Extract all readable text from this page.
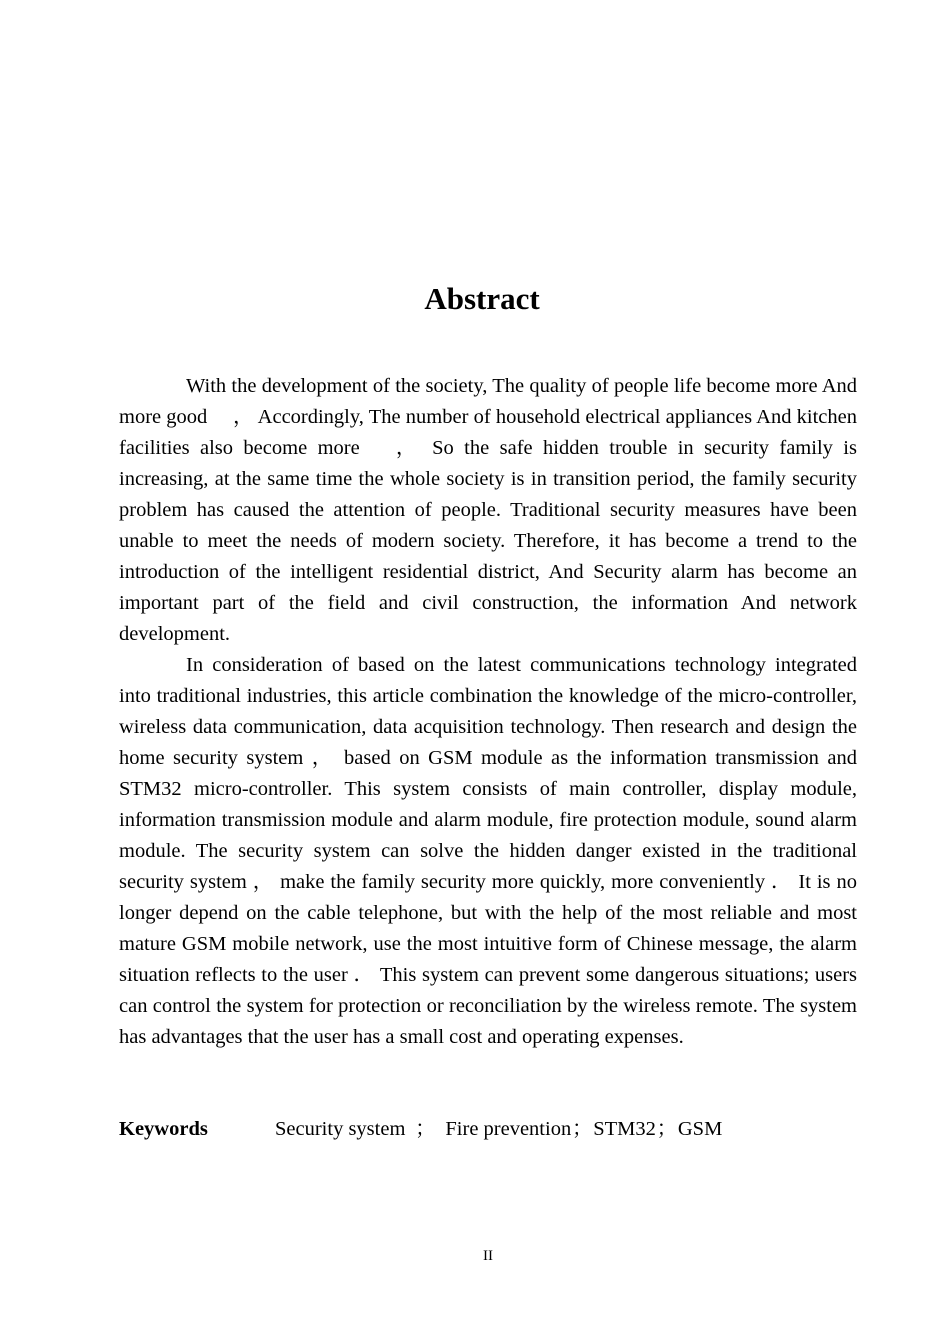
Abstract

With the development of the society, The quality of people life become more And more good 　， Accordingly, The number of household electrical appliances And kitchen facilities also become more 　， So the safe hidden trouble in security family is increasing, at the same time the whole society is in transition period, the family security problem has caused the attention of people. Traditional security measures have been unable to meet the needs of modern society. Therefore, it has become a trend to the introduction of the intelligent residential district, And Security alarm has become an important part of the field and civil construction, the information And network development.

In consideration of based on the latest communications technology integrated into traditional industries, this article combination the knowledge of the micro-controller, wireless data communication, data acquisition technology. Then research and design the home security system ， based on GSM module as the information transmission and STM32 micro-controller. This system consists of main controller, display module, information transmission module and alarm module, fire protection module, sound alarm module. The security system can solve the hidden danger existed in the traditional security system ， make the family security more quickly, more conveniently ． It is no longer depend on the cable telephone, but with the help of the most reliable and most mature GSM mobile network, use the most intuitive form of Chinese message, the alarm situation reflects to the user ． This system can prevent some dangerous situations; users can control the system for protection or reconciliation by the wireless remote. The system has advantages that the user has a small cost and operating expenses.

Keywords	Security system ； Fire prevention；STM32；GSM
II
